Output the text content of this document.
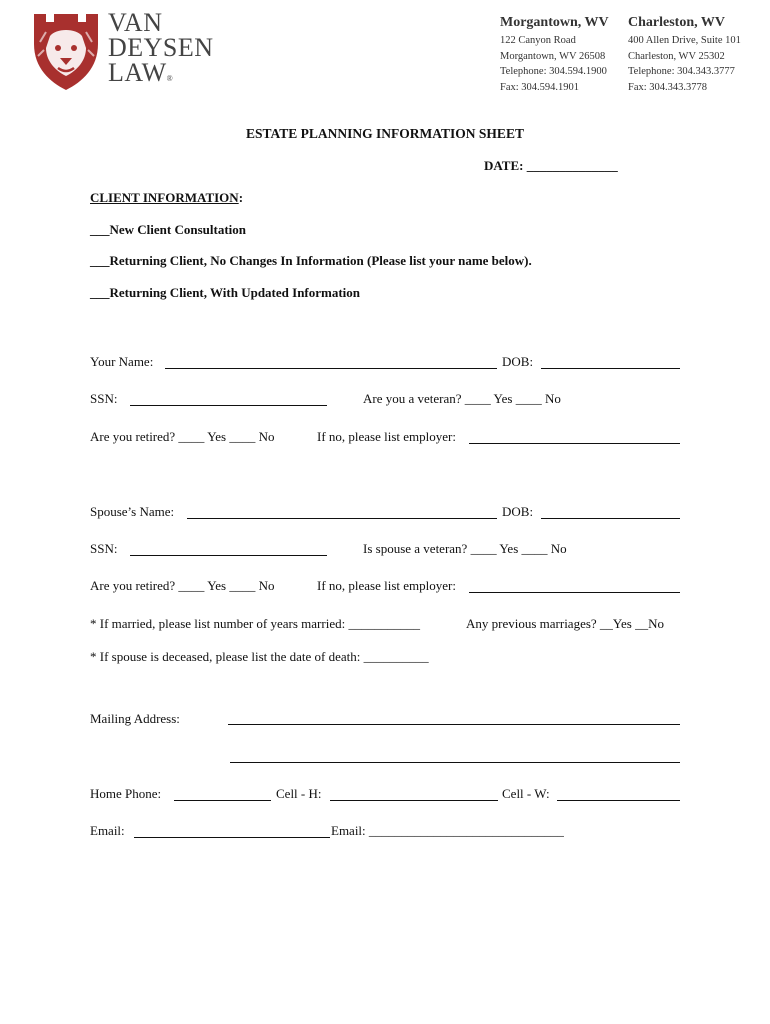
VAN
DEYSEN
LAW®
Morgantown, WV
122 Canyon Road
Morgantown, WV 26508
Telephone: 304.594.1900
Fax: 304.594.1901
Charleston, WV
400 Allen Drive, Suite 101
Charleston, WV 25302
Telephone: 304.343.3777
Fax: 304.343.3778
ESTATE PLANNING INFORMATION SHEET
DATE: ______________
CLIENT INFORMATION:
___New Client Consultation
___Returning Client, No Changes In Information (Please list your name below).
___Returning Client, With Updated Information
Your Name:	DOB:
SSN:	Are you a veteran? ____ Yes ____ No
Are you retired? ____ Yes ____ No	If no, please list employer:
Spouse’s Name:	DOB:
SSN:	Is spouse a veteran? ____ Yes ____ No
Are you retired? ____ Yes ____ No	If no, please list employer:
* If married, please list number of years married: ___________	Any previous marriages? __Yes __No
* If spouse is deceased, please list the date of death: __________
Mailing Address:
Home Phone:	Cell - H:	Cell - W:
Email:	Email: ______________________________
